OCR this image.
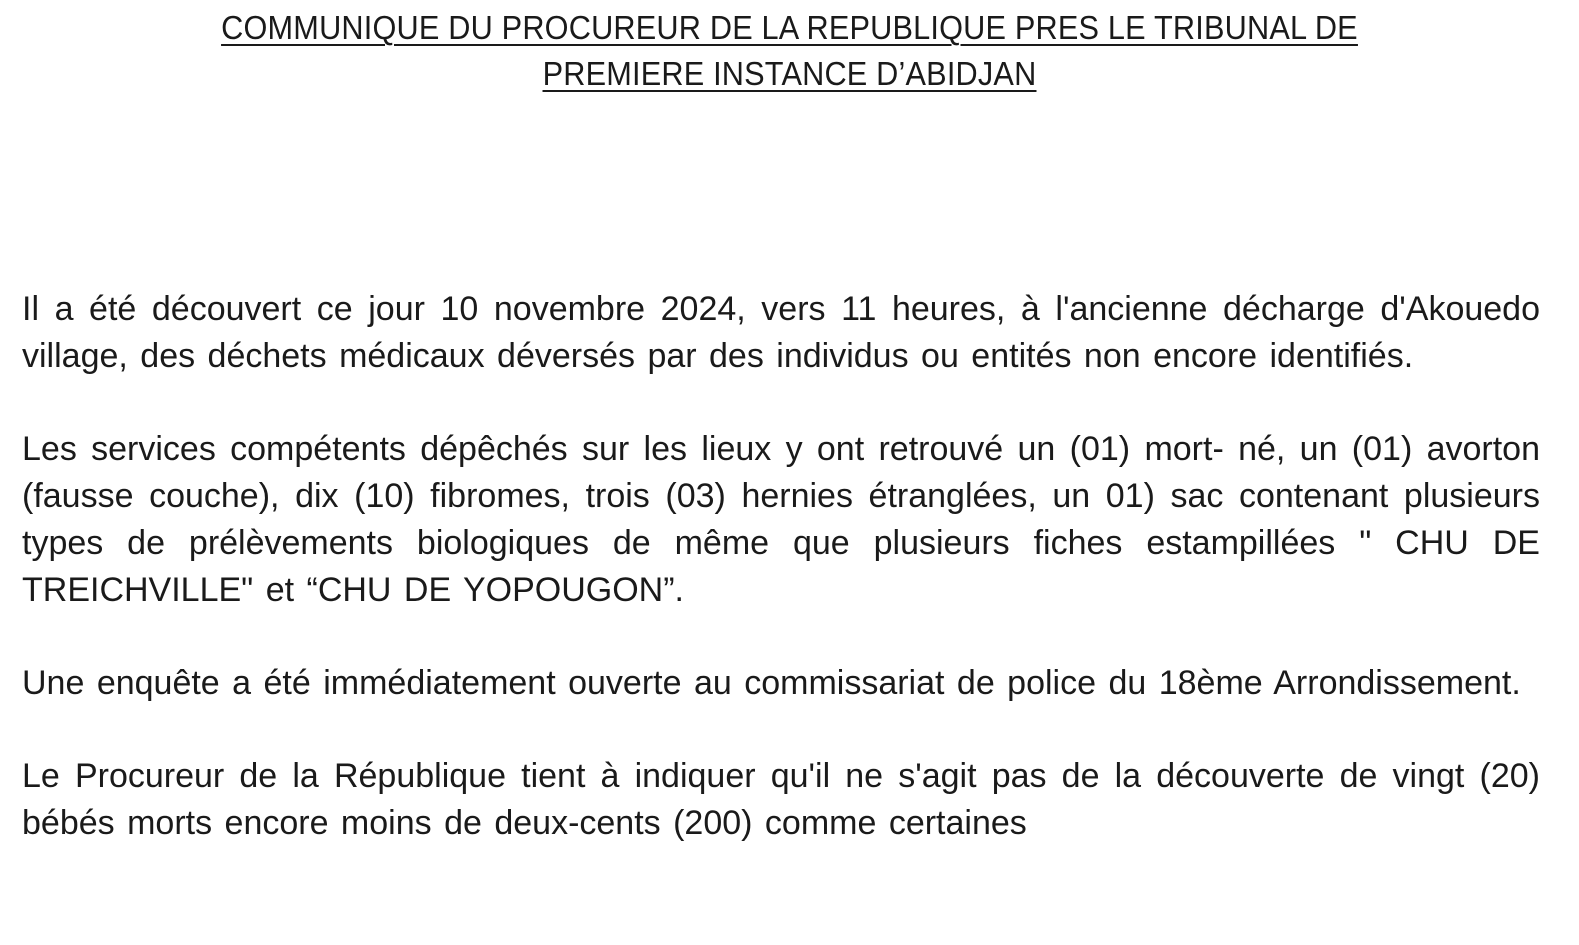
COMMUNIQUE DU PROCUREUR DE LA REPUBLIQUE PRES LE TRIBUNAL DE
PREMIERE INSTANCE D’ABIDJAN

Il a été découvert ce jour 10 novembre 2024, vers 11 heures, à l'ancienne décharge d'Akouedo village, des déchets médicaux déversés par des individus ou entités non encore identifiés.

Les services compétents dépêchés sur les lieux y ont retrouvé un (01) mort- né, un (01) avorton (fausse couche), dix (10) fibromes, trois (03) hernies étranglées, un 01) sac contenant plusieurs types de prélèvements biologiques de même que plusieurs fiches estampillées " CHU DE TREICHVILLE" et “CHU DE YOPOUGON”.

Une enquête a été immédiatement ouverte au commissariat de police du 18ème Arrondissement.

Le Procureur de la République tient à indiquer qu'il ne s'agit pas de la découverte de vingt (20) bébés morts encore moins de deux-cents (200) comme certaines
